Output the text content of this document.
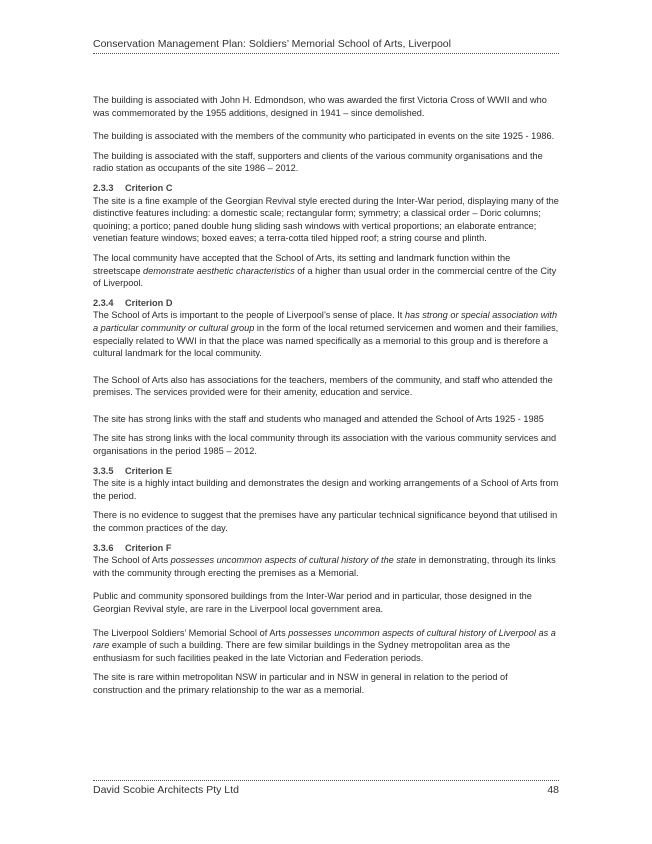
Conservation Management Plan: Soldiers’ Memorial School of Arts, Liverpool

The building is associated with John H. Edmondson, who was awarded the first Victoria Cross of WWII and who was commemorated by the 1955 additions, designed in 1941 – since demolished.

The building is associated with the members of the community who participated in events on the site 1925 - 1986.

The building is associated with the staff, supporters and clients of the various community organisations and the radio station as occupants of the site 1986 – 2012.

2.3.3 Criterion C

The site is a fine example of the Georgian Revival style erected during the Inter-War period, displaying many of the distinctive features including: a domestic scale; rectangular form; symmetry; a classical order – Doric columns; quoining; a portico; paned double hung sliding sash windows with vertical proportions; an elaborate entrance; venetian feature windows; boxed eaves; a terra-cotta tiled hipped roof; a string course and plinth.

The local community have accepted that the School of Arts, its setting and landmark function within the streetscape demonstrate aesthetic characteristics of a higher than usual order in the commercial centre of the City of Liverpool.

2.3.4 Criterion D

The School of Arts is important to the people of Liverpool’s sense of place. It has strong or special association with a particular community or cultural group in the form of the local returned servicemen and women and their families, especially related to WWI in that the place was named specifically as a memorial to this group and is therefore a cultural landmark for the local community.

The School of Arts also has associations for the teachers, members of the community, and staff who attended the premises. The services provided were for their amenity, education and service.

The site has strong links with the staff and students who managed and attended the School of Arts 1925 - 1985

The site has strong links with the local community through its association with the various community services and organisations in the period 1985 – 2012.

3.3.5 Criterion E

The site is a highly intact building and demonstrates the design and working arrangements of a School of Arts from the period.

There is no evidence to suggest that the premises have any particular technical significance beyond that utilised in the common practices of the day.

3.3.6 Criterion F

The School of Arts possesses uncommon aspects of cultural history of the state in demonstrating, through its links with the community through erecting the premises as a Memorial.

Public and community sponsored buildings from the Inter-War period and in particular, those designed in the Georgian Revival style, are rare in the Liverpool local government area.

The Liverpool Soldiers’ Memorial School of Arts possesses uncommon aspects of cultural history of Liverpool as a rare example of such a building. There are few similar buildings in the Sydney metropolitan area as the enthusiasm for such facilities peaked in the late Victorian and Federation periods.

The site is rare within metropolitan NSW in particular and in NSW in general in relation to the period of construction and the primary relationship to the war as a memorial.

David Scobie Architects Pty Ltd	48
